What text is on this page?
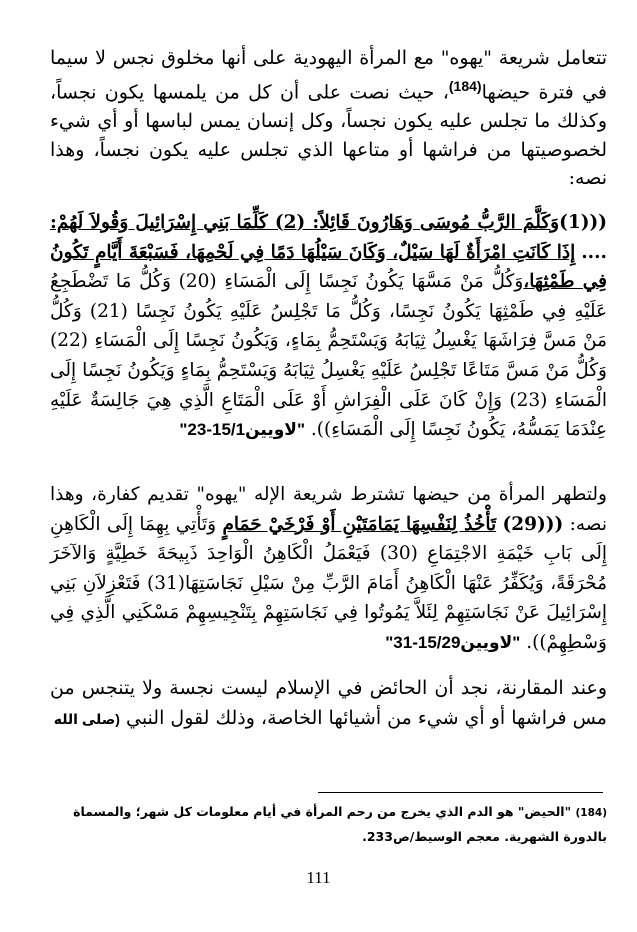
تتعامل شريعة "يهوه" مع المرأة اليهودية على أنها مخلوق نجس لا سيما في فترة حيضها$^{(184)}$، حيث نصت على أن كل من يلمسها يكون نجساً، وكذلك ما تجلس عليه يكون نجساً، وكل إنسان يمس لباسها أو أي شيء لخصوصيتها من فراشها أو متاعها الذي تجلس عليه يكون نجساً، وهذا نصه:

(((1)وَكَلَّمَ الرَّبُّ مُوسَى وَهَارُونَ قَائِلاً: (2) كَلِّمَا بَنِي إِسْرَائِيلَ وَقُولاَ لَهُمْ: .... إِذَا كَانَتِ امْرَأَةٌ لَهَا سَيْلٌ، وَكَانَ سَيْلُهَا دَمًا فِي لَحْمِهَا، فَسَبْعَةَ أَيَّامٍ تَكُونُ فِي طَمْثِهَا،وَكُلُّ مَنْ مَسَّهَا يَكُونُ نَجِسًا إِلَى الْمَسَاءِ (20) وَكُلُّ مَا تَضْطَجِعُ عَلَيْهِ فِي طَمْثِهَا يَكُونُ نَجِسًا، وَكُلُّ مَا تَجْلِسُ عَلَيْهِ يَكُونُ نَجِسًا (21) وَكُلُّ مَنْ مَسَّ فِرَاشَهَا يَغْسِلُ ثِيَابَهُ وَيَسْتَحِمُّ بِمَاءٍ، وَيَكُونُ نَجِسًا إِلَى الْمَسَاءِ (22) وَكُلُّ مَنْ مَسَّ مَتَاعًا تَجْلِسُ عَلَيْهِ يَغْسِلُ ثِيَابَهُ وَيَسْتَحِمُّ بِمَاءٍ وَيَكُونُ نَجِسًا إِلَى الْمَسَاءِ (23) وَإِنْ كَانَ عَلَى الْفِرَاشِ أَوْ عَلَى الْمَتَاعِ الَّذِي هِيَ جَالِسَةٌ عَلَيْهِ عِنْدَمَا يَمَسُّهُ، يَكُونُ نَجِسًا إِلَى الْمَسَاءِ)). "لاويين15/1-23"

ولتطهر المرأة من حيضها تشترط شريعة الإله "يهوه" تقديم كفارة، وهذا نصه: (((29) تَأْخُذُ لِنَفْسِهَا يَمَامَتَيْنِ أَوْ فَرْخَيْ حَمَامٍ وَتَأْتِي بِهِمَا إِلَى الْكَاهِنِ إِلَى بَابِ خَيْمَةِ الاجْتِمَاعِ (30) فَيَعْمَلُ الْكَاهِنُ الْوَاحِدَ ذَبِيحَةَ خَطِيَّةٍ وَالآخَرَ مُحْرَقَةً، وَيُكَفِّرُ عَنْهَا الْكَاهِنُ أَمَامَ الرَّبِّ مِنْ سَيْلِ نَجَاسَتِهَا(31) فَتَعْزِلاَنِ بَنِي إِسْرَائِيلَ عَنْ نَجَاسَتِهِمْ لِئَلاَّ يَمُوتُوا فِي نَجَاسَتِهِمْ بِتَنْجِيسِهِمْ مَسْكَنِي الَّذِي فِي وَسْطِهِمْ)). "لاويين15/29-31"

وعند المقارنة، نجد أن الحائض في الإسلام ليست نجسة ولا يتنجس من مس فراشها أو أي شيء من أشيائها الخاصة، وذلك لقول النبي (صلى الله

(184) "الحيض" هو الدم الذي يخرج من رحم المرأة في أيام معلومات كل شهر؛ والمسماة بالدورة الشهرية. معجم الوسيط/ص233.
111
